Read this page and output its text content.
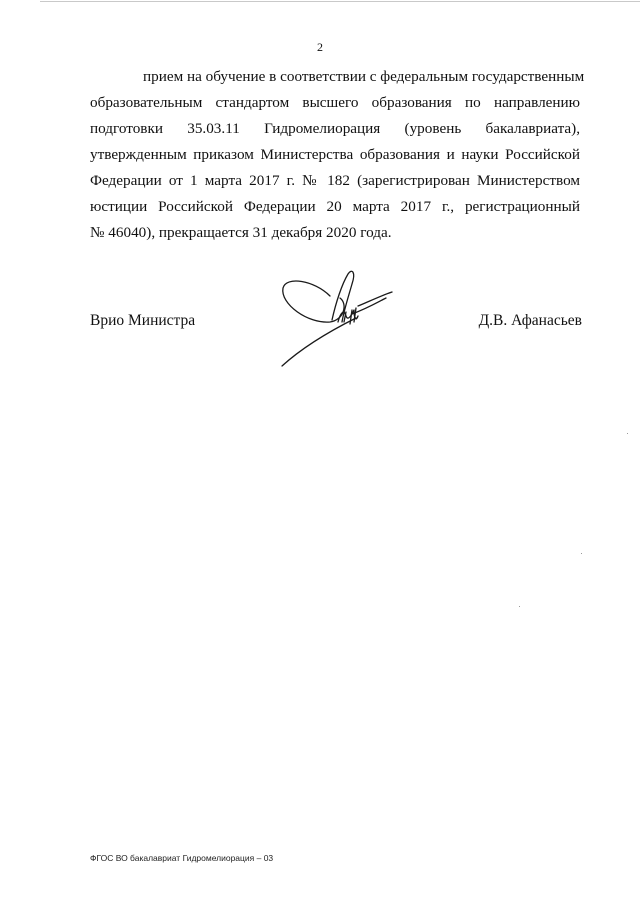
2
прием на обучение в соответствии с федеральным государственным
образовательным стандартом высшего образования по направлению
подготовки 35.03.11 Гидромелиорация (уровень бакалавриата),
утвержденным приказом Министерства образования и науки Российской
Федерации от 1 марта 2017 г. № 182 (зарегистрирован Министерством
юстиции Российской Федерации 20 марта 2017 г., регистрационный
№ 46040), прекращается 31 декабря 2020 года.
Врио Министра	Д.В. Афанасьев
ФГОС ВО бакалавриат Гидромелиорация – 03
